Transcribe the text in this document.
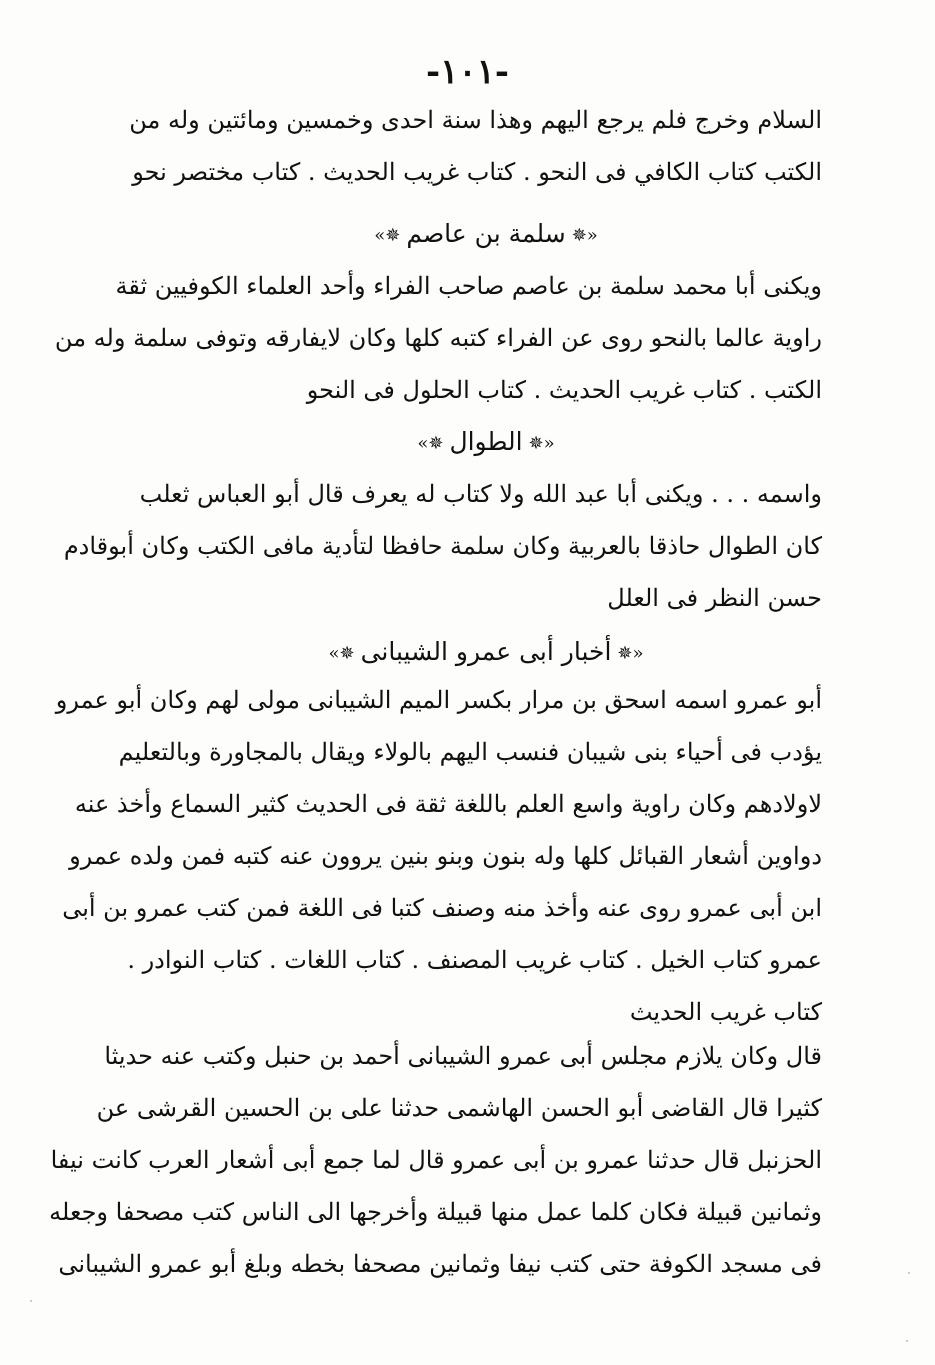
-١٠١-
السلام وخرج فلم يرجع اليهم وهذا سنة احدى وخمسين ومائتين وله من
الكتب كتاب الكافي فى النحو . كتاب غريب الحديث . كتاب مختصر نحو
«✵سلمة بن عاصم✵»
ويكنى أبا محمد سلمة بن عاصم صاحب الفراء وأحد العلماء الكوفيين ثقة
راوية عالما بالنحو روى عن الفراء كتبه كلها وكان لايفارقه وتوفى سلمة وله من
الكتب . كتاب غريب الحديث . كتاب الحلول فى النحو
«✵الطوال✵»
واسمه . . . ويكنى أبا عبد الله ولا كتاب له يعرف قال أبو العباس ثعلب
كان الطوال حاذقا بالعربية وكان سلمة حافظا لتأدية مافى الكتب وكان أبوقادم
حسن النظر فى العلل
«✵أخبار أبى عمرو الشيبانى✵»
أبو عمرو اسمه اسحق بن مرار بكسر الميم الشيبانى مولى لهم وكان أبو عمرو
يؤدب فى أحياء بنى شيبان فنسب اليهم بالولاء ويقال بالمجاورة وبالتعليم
لاولادهم وكان راوية واسع العلم باللغة ثقة فى الحديث كثير السماع وأخذ عنه
دواوين أشعار القبائل كلها وله بنون وبنو بنين يروون عنه كتبه فمن ولده عمرو
ابن أبى عمرو روى عنه وأخذ منه وصنف كتبا فى اللغة فمن كتب عمرو بن أبى
عمرو كتاب الخيل . كتاب غريب المصنف . كتاب اللغات . كتاب النوادر .
كتاب غريب الحديث
قال وكان يلازم مجلس أبى عمرو الشيبانى أحمد بن حنبل وكتب عنه حديثا
كثيرا قال القاضى أبو الحسن الهاشمى حدثنا على بن الحسين القرشى عن
الحزنبل قال حدثنا عمرو بن أبى عمرو قال لما جمع أبى أشعار العرب كانت نيفا
وثمانين قبيلة فكان كلما عمل منها قبيلة وأخرجها الى الناس كتب مصحفا وجعله
فى مسجد الكوفة حتى كتب نيفا وثمانين مصحفا بخطه وبلغ أبو عمرو الشيبانى
